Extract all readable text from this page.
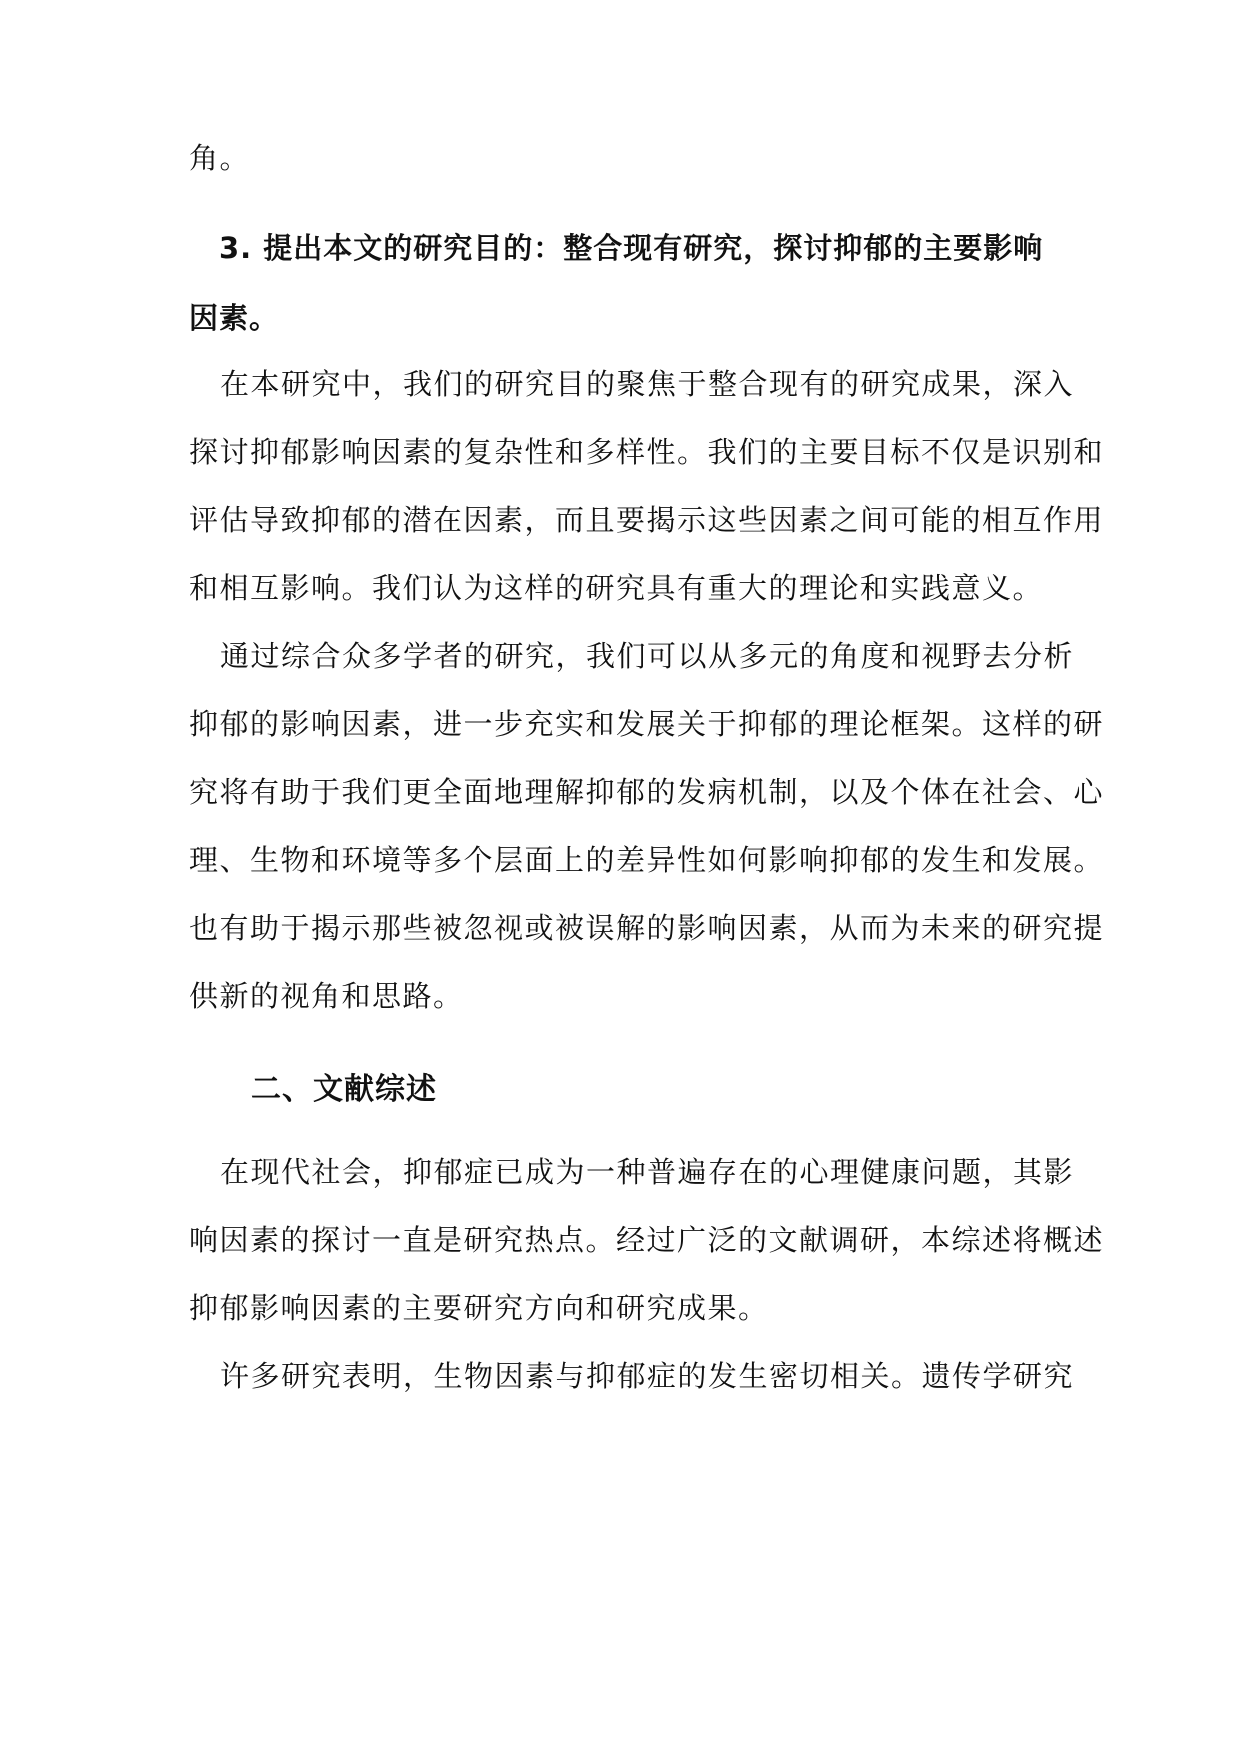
角。
3. 提出本文的研究目的：整合现有研究，探讨抑郁的主要影响
因素。
在本研究中，我们的研究目的聚焦于整合现有的研究成果，深入
探讨抑郁影响因素的复杂性和多样性。我们的主要目标不仅是识别和
评估导致抑郁的潜在因素，而且要揭示这些因素之间可能的相互作用
和相互影响。我们认为这样的研究具有重大的理论和实践意义。
通过综合众多学者的研究，我们可以从多元的角度和视野去分析
抑郁的影响因素，进一步充实和发展关于抑郁的理论框架。这样的研
究将有助于我们更全面地理解抑郁的发病机制，以及个体在社会、心
理、生物和环境等多个层面上的差异性如何影响抑郁的发生和发展。
也有助于揭示那些被忽视或被误解的影响因素，从而为未来的研究提
供新的视角和思路。
二、文献综述
在现代社会，抑郁症已成为一种普遍存在的心理健康问题，其影
响因素的探讨一直是研究热点。经过广泛的文献调研，本综述将概述
抑郁影响因素的主要研究方向和研究成果。
许多研究表明，生物因素与抑郁症的发生密切相关。遗传学研究
